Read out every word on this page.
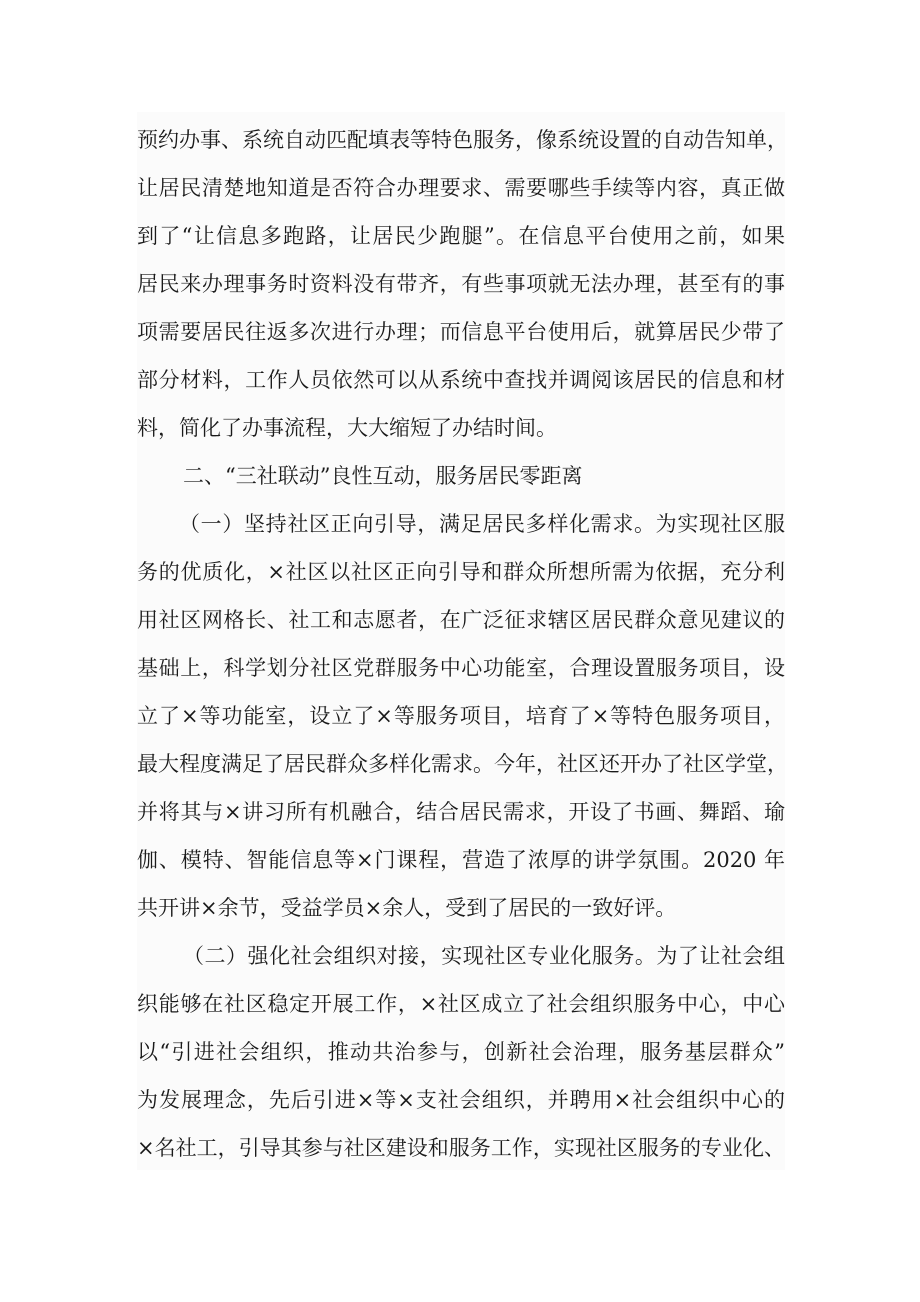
预约办事、系统自动匹配填表等特色服务，像系统设置的自动告知单，
让居民清楚地知道是否符合办理要求、需要哪些手续等内容，真正做
到了“让信息多跑路，让居民少跑腿”。在信息平台使用之前，如果
居民来办理事务时资料没有带齐，有些事项就无法办理，甚至有的事
项需要居民往返多次进行办理；而信息平台使用后，就算居民少带了
部分材料，工作人员依然可以从系统中查找并调阅该居民的信息和材
料，简化了办事流程，大大缩短了办结时间。
二、“三社联动”良性互动，服务居民零距离
（一）坚持社区正向引导，满足居民多样化需求。为实现社区服
务的优质化，×社区以社区正向引导和群众所想所需为依据，充分利
用社区网格长、社工和志愿者，在广泛征求辖区居民群众意见建议的
基础上，科学划分社区党群服务中心功能室，合理设置服务项目，设
立了×等功能室，设立了×等服务项目，培育了×等特色服务项目，
最大程度满足了居民群众多样化需求。今年，社区还开办了社区学堂，
并将其与×讲习所有机融合，结合居民需求，开设了书画、舞蹈、瑜
伽、模特、智能信息等×门课程，营造了浓厚的讲学氛围。2020 年
共开讲×余节，受益学员×余人，受到了居民的一致好评。
（二）强化社会组织对接，实现社区专业化服务。为了让社会组
织能够在社区稳定开展工作，×社区成立了社会组织服务中心，中心
以“引进社会组织，推动共治参与，创新社会治理，服务基层群众”
为发展理念，先后引进×等×支社会组织，并聘用×社会组织中心的
×名社工，引导其参与社区建设和服务工作，实现社区服务的专业化、
